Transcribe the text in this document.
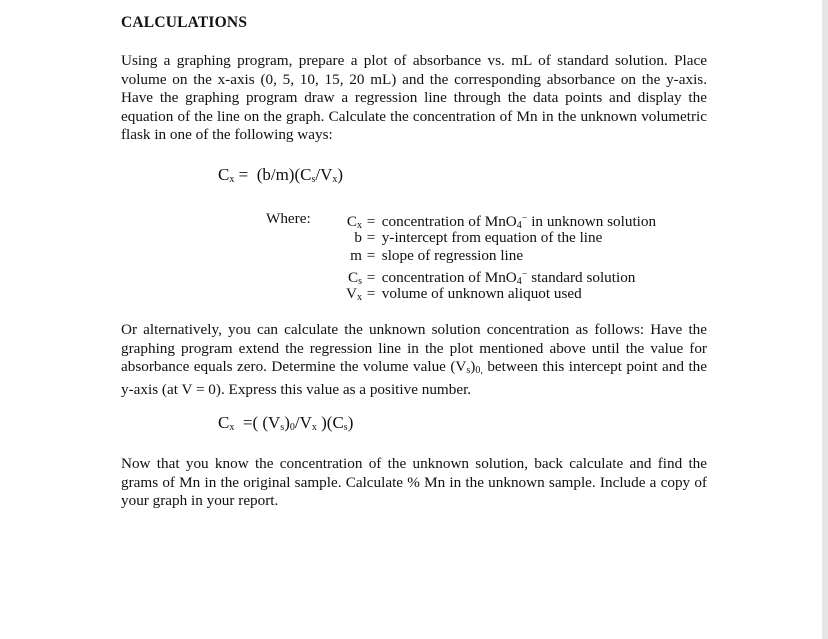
CALCULATIONS

Using a graphing program, prepare a plot of absorbance vs. mL of standard solution. Place volume on the x-axis (0, 5, 10, 15, 20 mL) and the corresponding absorbance on the y-axis. Have the graphing program draw a regression line through the data points and display the equation of the line on the graph. Calculate the concentration of Mn in the unknown volumetric flask in one of the following ways:

$C_x = (b/m)(C_s/V_x)$
Where:	$C_x$ = concentration of MnO$_4$− in unknown solution
b = y-intercept from equation of the line
m = slope of regression line
$C_s$ = concentration of MnO$_4$− standard solution
$V_x$ = volume of unknown aliquot used

Or alternatively, you can calculate the unknown solution concentration as follows: Have the graphing program extend the regression line in the plot mentioned above until the value for absorbance equals zero. Determine the volume value $(V_s)_{0,}$ between this intercept point and the y-axis (at V = 0). Express this value as a positive number.

$C_x$ =( $(V_s)_0/V_x$ )$(C_s)$

Now that you know the concentration of the unknown solution, back calculate and find the grams of Mn in the original sample. Calculate % Mn in the unknown sample. Include a copy of your graph in your report.
